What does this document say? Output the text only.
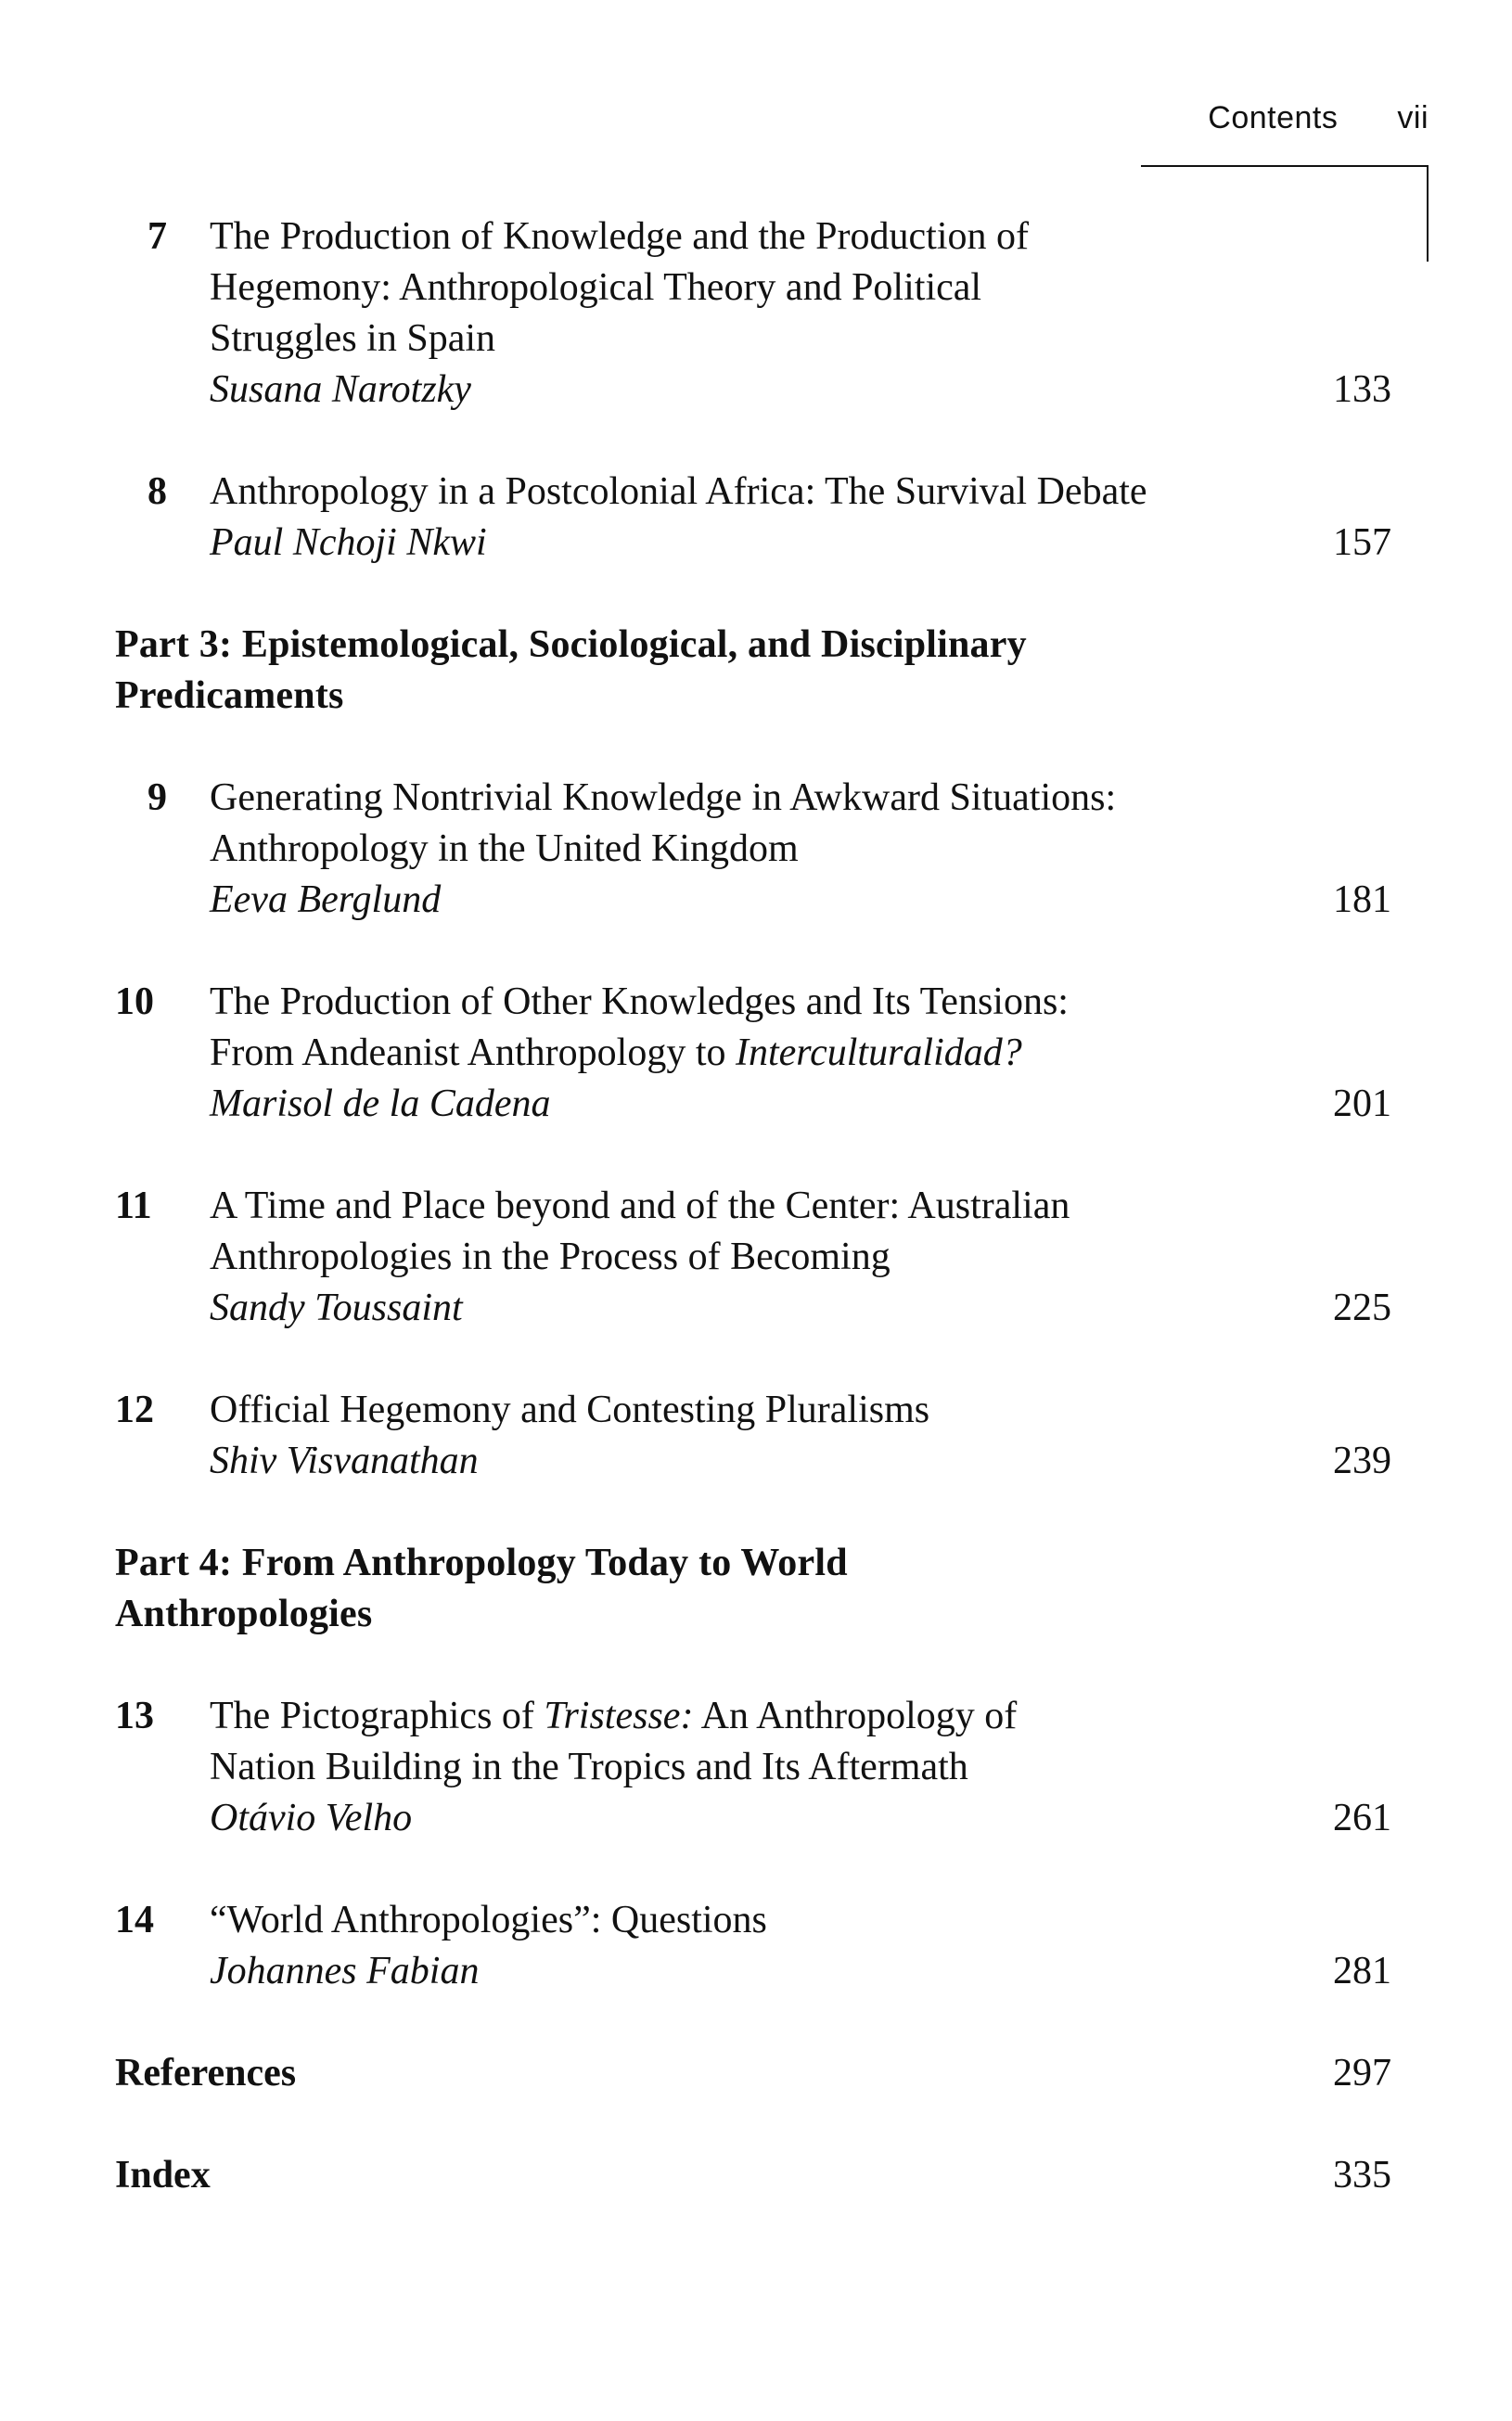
Contents vii
7 The Production of Knowledge and the Production of
Hegemony: Anthropological Theory and Political
Struggles in Spain
Susana Narotzky	133
8 Anthropology in a Postcolonial Africa: The Survival Debate
Paul Nchoji Nkwi	157
Part 3: Epistemological, Sociological, and Disciplinary
Predicaments
9 Generating Nontrivial Knowledge in Awkward Situations:
Anthropology in the United Kingdom
Eeva Berglund	181
10	The Production of Other Knowledges and Its Tensions:
From Andeanist Anthropology to Interculturalidad?
Marisol de la Cadena	201
11	A Time and Place beyond and of the Center: Australian
Anthropologies in the Process of Becoming
Sandy Toussaint	225
12	Official Hegemony and Contesting Pluralisms
Shiv Visvanathan	239
Part 4: From Anthropology Today to World
Anthropologies
13	The Pictographics of Tristesse: An Anthropology of
Nation Building in the Tropics and Its Aftermath
Otávio Velho	261
14	“World Anthropologies”: Questions
Johannes Fabian	281
References	297
Index	335
